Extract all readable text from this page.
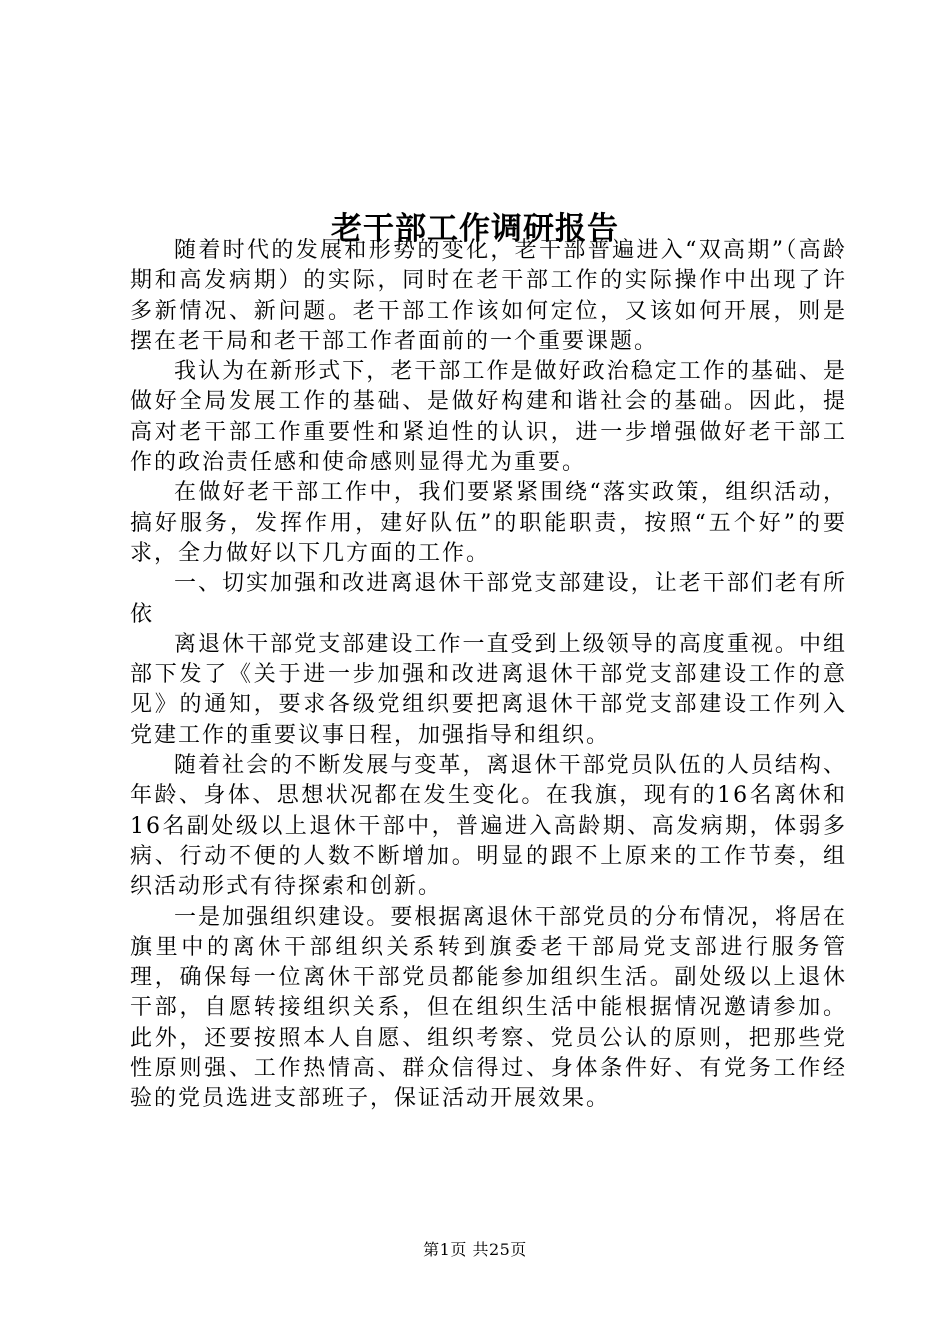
老干部工作调研报告

随着时代的发展和形势的变化，老干部普遍进入“双高期”（高龄期和高发病期）的实际，同时在老干部工作的实际操作中出现了许多新情况、新问题。老干部工作该如何定位，又该如何开展，则是摆在老干局和老干部工作者面前的一个重要课题。

我认为在新形式下，老干部工作是做好政治稳定工作的基础、是做好全局发展工作的基础、是做好构建和谐社会的基础。因此，提高对老干部工作重要性和紧迫性的认识，进一步增强做好老干部工作的政治责任感和使命感则显得尤为重要。

在做好老干部工作中，我们要紧紧围绕“落实政策，组织活动，搞好服务，发挥作用，建好队伍”的职能职责，按照“五个好”的要求，全力做好以下几方面的工作。

一、切实加强和改进离退休干部党支部建设，让老干部们老有所依

离退休干部党支部建设工作一直受到上级领导的高度重视。中组部下发了《关于进一步加强和改进离退休干部党支部建设工作的意见》的通知，要求各级党组织要把离退休干部党支部建设工作列入党建工作的重要议事日程，加强指导和组织。

随着社会的不断发展与变革，离退休干部党员队伍的人员结构、年龄、身体、思想状况都在发生变化。在我旗，现有的16名离休和16名副处级以上退休干部中，普遍进入高龄期、高发病期，体弱多病、行动不便的人数不断增加。明显的跟不上原来的工作节奏，组织活动形式有待探索和创新。

一是加强组织建设。要根据离退休干部党员的分布情况，将居在旗里中的离休干部组织关系转到旗委老干部局党支部进行服务管理，确保每一位离休干部党员都能参加组织生活。副处级以上退休干部，自愿转接组织关系，但在组织生活中能根据情况邀请参加。此外，还要按照本人自愿、组织考察、党员公认的原则，把那些党性原则强、工作热情高、群众信得过、身体条件好、有党务工作经验的党员选进支部班子，保证活动开展效果。

第1页 共25页
